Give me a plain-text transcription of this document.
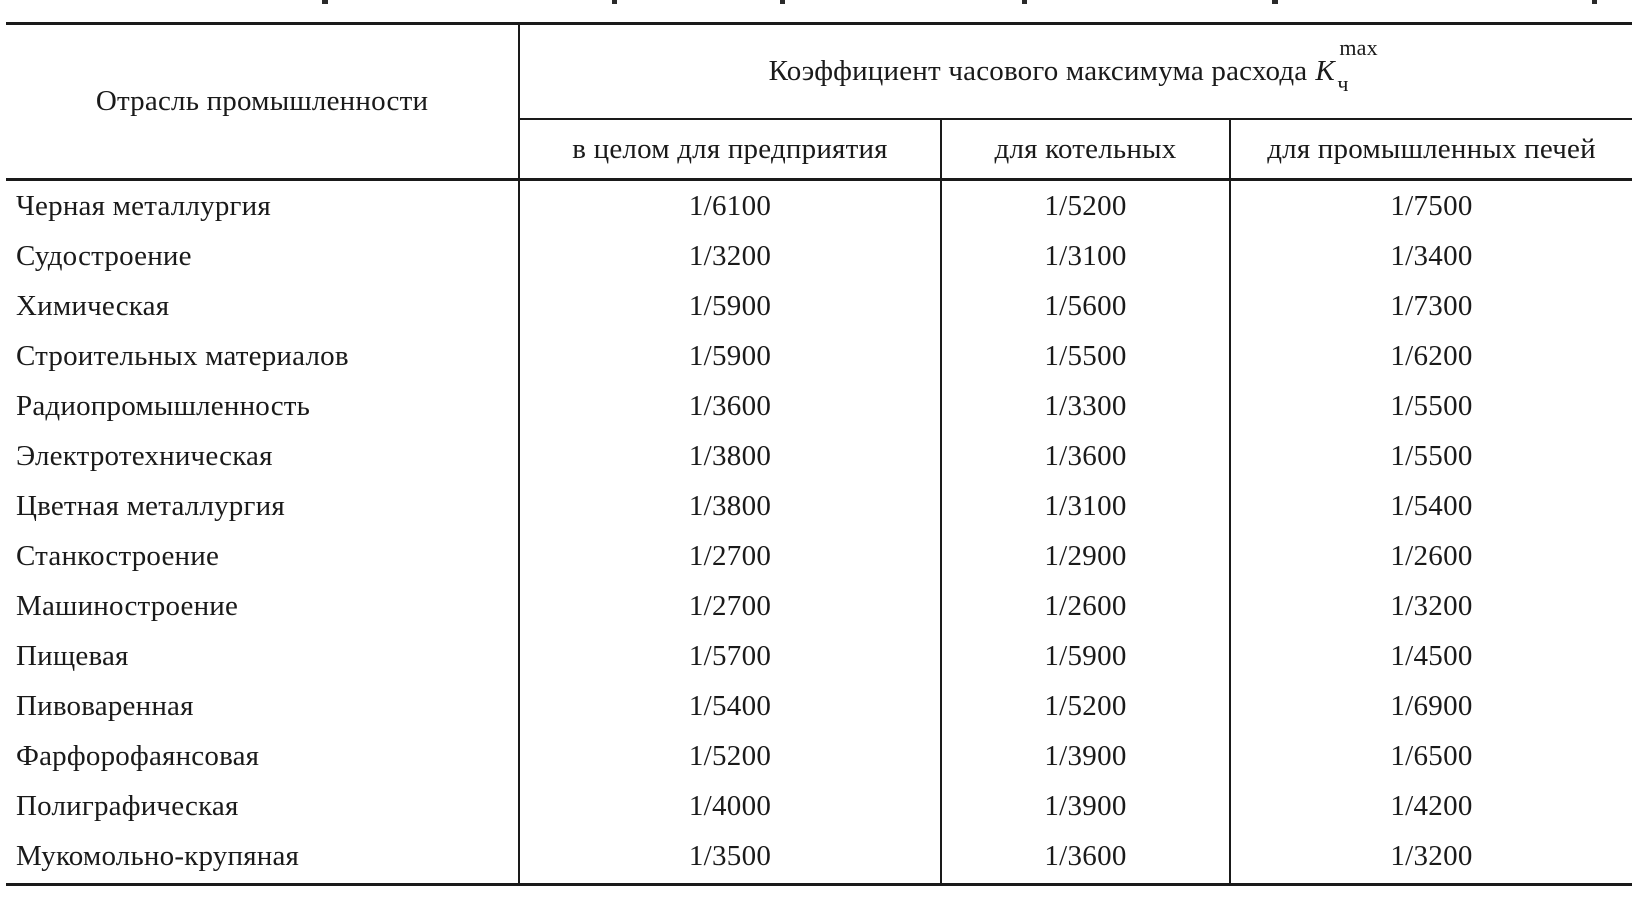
Отрасль промышленности
Коэффициент часового максимума расхода K
max
ч
в целом для предприятия	для котельных	для промышленных печей
Черная металлургия	1/6100	1/5200	1/7500
Судостроение	1/3200	1/3100	1/3400
Химическая	1/5900	1/5600	1/7300
Строительных материалов	1/5900	1/5500	1/6200
Радиопромышленность	1/3600	1/3300	1/5500
Электротехническая	1/3800	1/3600	1/5500
Цветная металлургия	1/3800	1/3100	1/5400
Станкостроение	1/2700	1/2900	1/2600
Машиностроение	1/2700	1/2600	1/3200
Пищевая	1/5700	1/5900	1/4500
Пивоваренная	1/5400	1/5200	1/6900
Фарфорофаянсовая	1/5200	1/3900	1/6500
Полиграфическая	1/4000	1/3900	1/4200
Мукомольно-крупяная	1/3500	1/3600	1/3200
